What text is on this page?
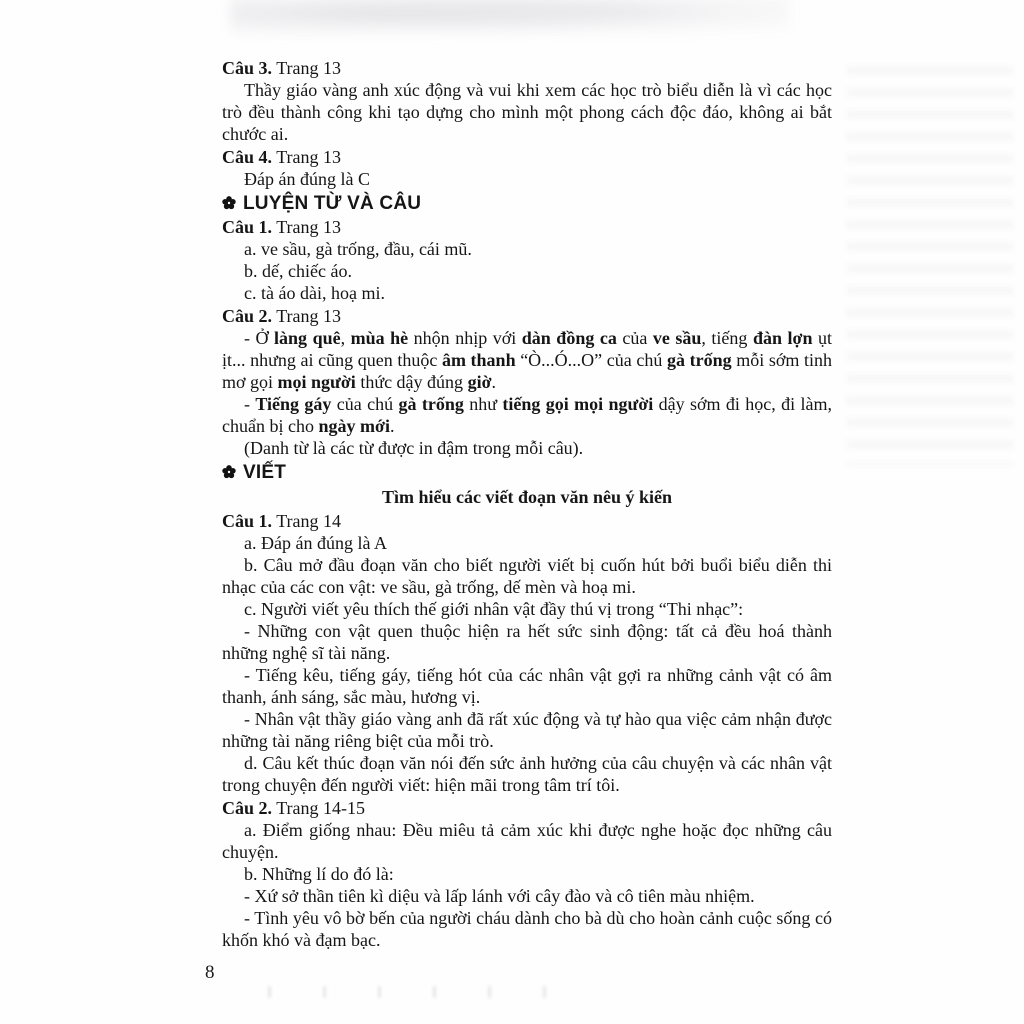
Câu 3. Trang 13
Thầy giáo vàng anh xúc động và vui khi xem các học trò biểu diễn là vì các học trò đều thành công khi tạo dựng cho mình một phong cách độc đáo, không ai bắt chước ai.
Câu 4. Trang 13
Đáp án đúng là C
LUYỆN TỪ VÀ CÂU
Câu 1. Trang 13
a. ve sầu, gà trống, đầu, cái mũ.
b. dế, chiếc áo.
c. tà áo dài, hoạ mi.
Câu 2. Trang 13
- Ở làng quê, mùa hè nhộn nhịp với dàn đồng ca của ve sầu, tiếng đàn lợn ụt ịt... nhưng ai cũng quen thuộc âm thanh “Ò...Ó...O” của chú gà trống mỗi sớm tinh mơ gọi mọi người thức dậy đúng giờ.
- Tiếng gáy của chú gà trống như tiếng gọi mọi người dậy sớm đi học, đi làm, chuẩn bị cho ngày mới.
(Danh từ là các từ được in đậm trong mỗi câu).
VIẾT
Tìm hiểu các viết đoạn văn nêu ý kiến
Câu 1. Trang 14
a. Đáp án đúng là A
b. Câu mở đầu đoạn văn cho biết người viết bị cuốn hút bởi buổi biểu diễn thi nhạc của các con vật: ve sầu, gà trống, dế mèn và hoạ mi.
c. Người viết yêu thích thế giới nhân vật đầy thú vị trong “Thi nhạc”:
- Những con vật quen thuộc hiện ra hết sức sinh động: tất cả đều hoá thành những nghệ sĩ tài năng.
- Tiếng kêu, tiếng gáy, tiếng hót của các nhân vật gợi ra những cảnh vật có âm thanh, ánh sáng, sắc màu, hương vị.
- Nhân vật thầy giáo vàng anh đã rất xúc động và tự hào qua việc cảm nhận được những tài năng riêng biệt của mỗi trò.
d. Câu kết thúc đoạn văn nói đến sức ảnh hưởng của câu chuyện và các nhân vật trong chuyện đến người viết: hiện mãi trong tâm trí tôi.
Câu 2. Trang 14-15
a. Điểm giống nhau: Đều miêu tả cảm xúc khi được nghe hoặc đọc những câu chuyện.
b. Những lí do đó là:
- Xứ sở thần tiên kì diệu và lấp lánh với cây đào và cô tiên màu nhiệm.
- Tình yêu vô bờ bến của người cháu dành cho bà dù cho hoàn cảnh cuộc sống có khốn khó và đạm bạc.
8
